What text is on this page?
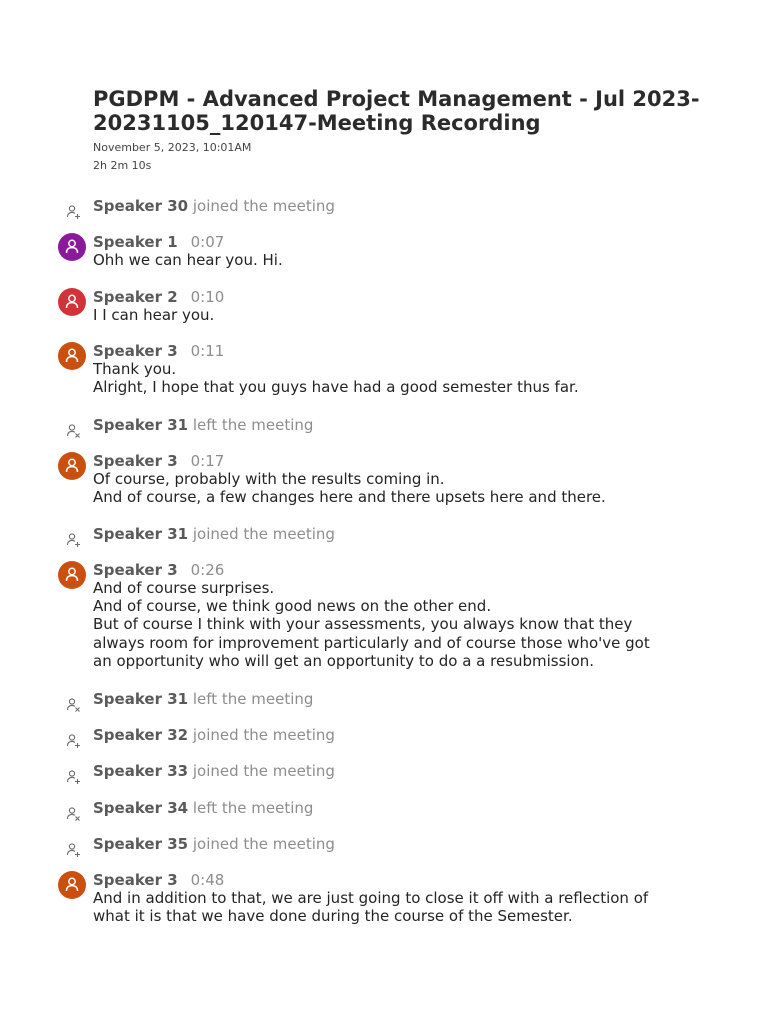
PGDPM - Advanced Project Management - Jul 2023-20231105_120147-Meeting Recording
November 5, 2023, 10:01AM
2h 2m 10s
Speaker 30 joined the meeting
Speaker 1 0:07
Ohh we can hear you. Hi.
Speaker 2 0:10
I I can hear you.
Speaker 3 0:11
Thank you.
Alright, I hope that you guys have had a good semester thus far.
Speaker 31 left the meeting
Speaker 3 0:17
Of course, probably with the results coming in.
And of course, a few changes here and there upsets here and there.
Speaker 31 joined the meeting
Speaker 3 0:26
And of course surprises.
And of course, we think good news on the other end.
But of course I think with your assessments, you always know that they
always room for improvement particularly and of course those who've got
an opportunity who will get an opportunity to do a a resubmission.
Speaker 31 left the meeting
Speaker 32 joined the meeting
Speaker 33 joined the meeting
Speaker 34 left the meeting
Speaker 35 joined the meeting
Speaker 3 0:48
And in addition to that, we are just going to close it off with a reflection of
what it is that we have done during the course of the Semester.
